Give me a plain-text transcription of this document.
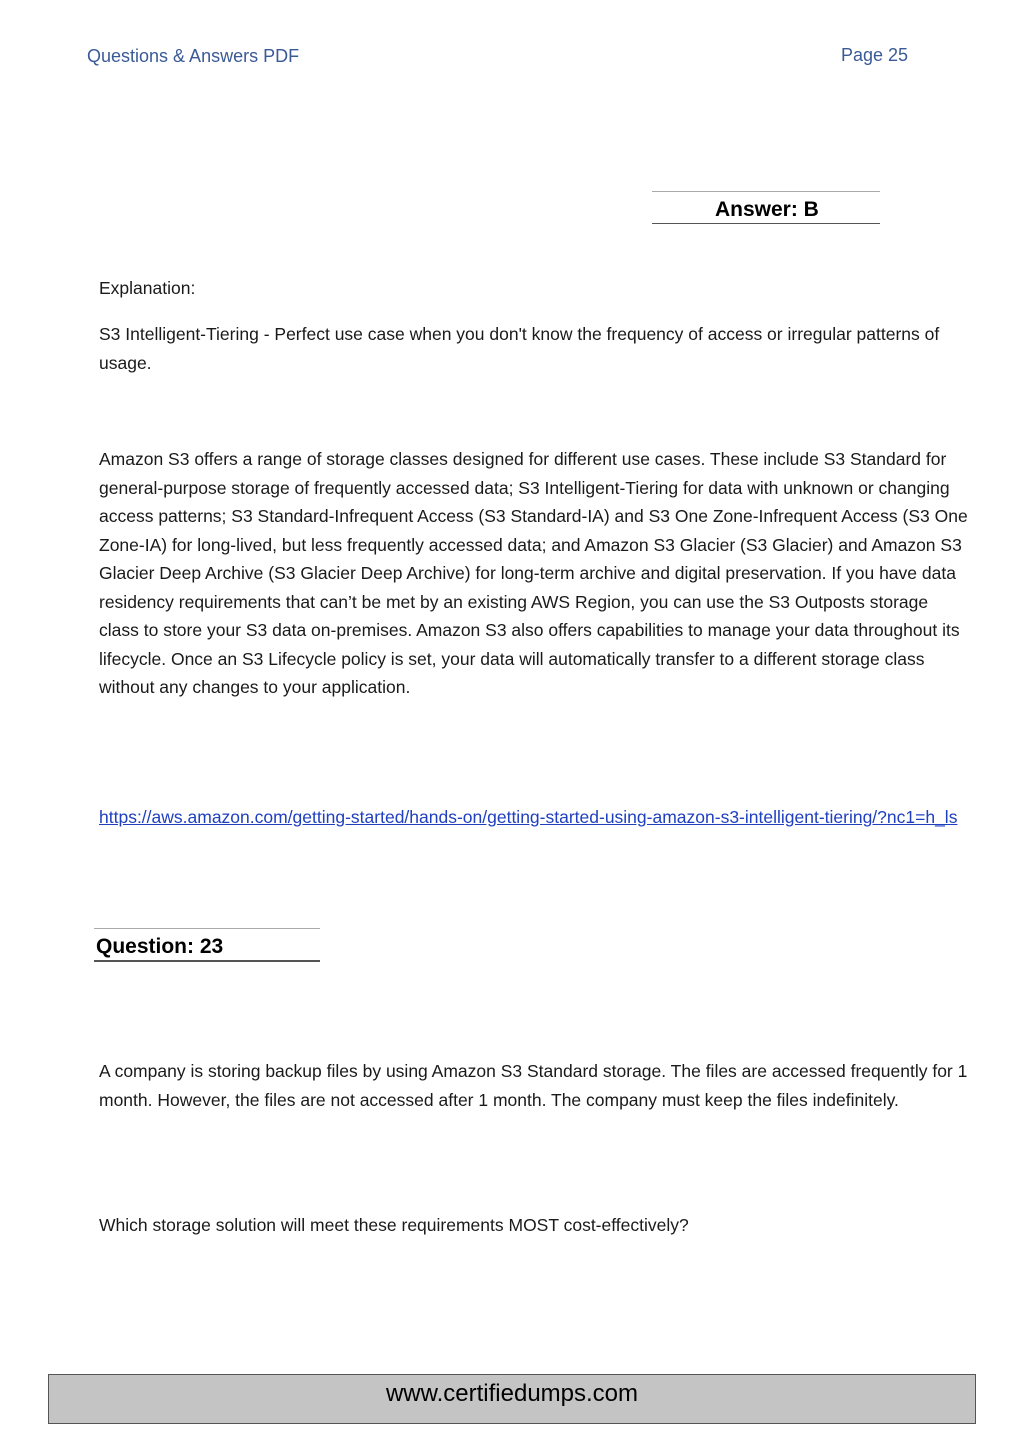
Questions & Answers PDF	Page 25
Answer: B

Explanation:

S3 Intelligent-Tiering - Perfect use case when you don't know the frequency of access or irregular patterns of usage.

Amazon S3 offers a range of storage classes designed for different use cases. These include S3 Standard for general-purpose storage of frequently accessed data; S3 Intelligent-Tiering for data with unknown or changing access patterns; S3 Standard-Infrequent Access (S3 Standard-IA) and S3 One Zone-Infrequent Access (S3 One Zone-IA) for long-lived, but less frequently accessed data; and Amazon S3 Glacier (S3 Glacier) and Amazon S3 Glacier Deep Archive (S3 Glacier Deep Archive) for long-term archive and digital preservation. If you have data residency requirements that can’t be met by an existing AWS Region, you can use the S3 Outposts storage class to store your S3 data on-premises. Amazon S3 also offers capabilities to manage your data throughout its lifecycle. Once an S3 Lifecycle policy is set, your data will automatically transfer to a different storage class without any changes to your application.

https://aws.amazon.com/getting-started/hands-on/getting-started-using-amazon-s3-intelligent-tiering/?nc1=h_ls

Question: 23

A company is storing backup files by using Amazon S3 Standard storage. The files are accessed frequently for 1 month. However, the files are not accessed after 1 month. The company must keep the files indefinitely.

Which storage solution will meet these requirements MOST cost-effectively?

www.certifiedumps.com
